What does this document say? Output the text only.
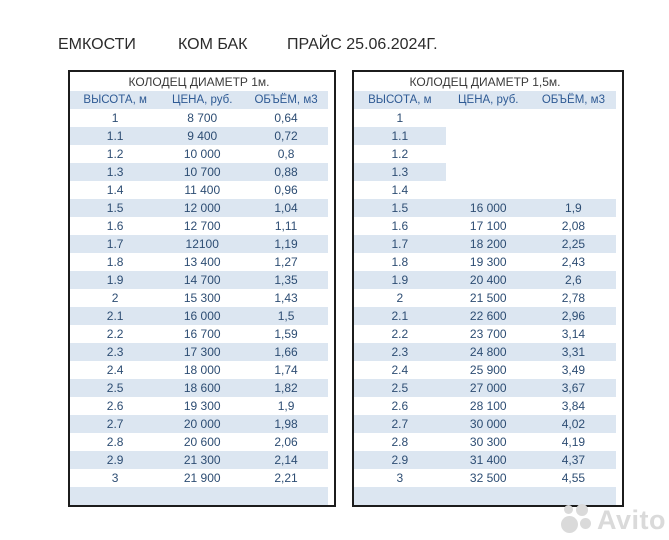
ЕМКОСТИ	КОМ БАК ПРАЙС 25.06.2024Г.
КОЛОДЕЦ ДИАМЕТР 1м.
ВЫСОТА, м	ЦЕНА, руб.	ОБЪЁМ, м3
1	8 700	0,64
1.1	9 400	0,72
1.2	10 000	0,8
1.3	10 700	0,88
1.4	11 400	0,96
1.5	12 000	1,04
1.6	12 700	1,11
1.7	12100	1,19
1.8	13 400	1,27
1.9	14 700	1,35
2	15 300	1,43
2.1	16 000	1,5
2.2	16 700	1,59
2.3	17 300	1,66
2.4	18 000	1,74
2.5	18 600	1,82
2.6	19 300	1,9
2.7	20 000	1,98
2.8	20 600	2,06
2.9	21 300	2,14
3	21 900	2,21
КОЛОДЕЦ ДИАМЕТР 1,5м.
ВЫСОТА, м	ЦЕНА, руб.	ОБЪЁМ, м3
1
1.1
1.2
1.3
1.4
1.5	16 000	1,9
1.6	17 100	2,08
1.7	18 200	2,25
1.8	19 300	2,43
1.9	20 400	2,6
2	21 500	2,78
2.1	22 600	2,96
2.2	23 700	3,14
2.3	24 800	3,31
2.4	25 900	3,49
2.5	27 000	3,67
2.6	28 100	3,84
2.7	30 000	4,02
2.8	30 300	4,19
2.9	31 400	4,37
3	32 500	4,55
Avito
